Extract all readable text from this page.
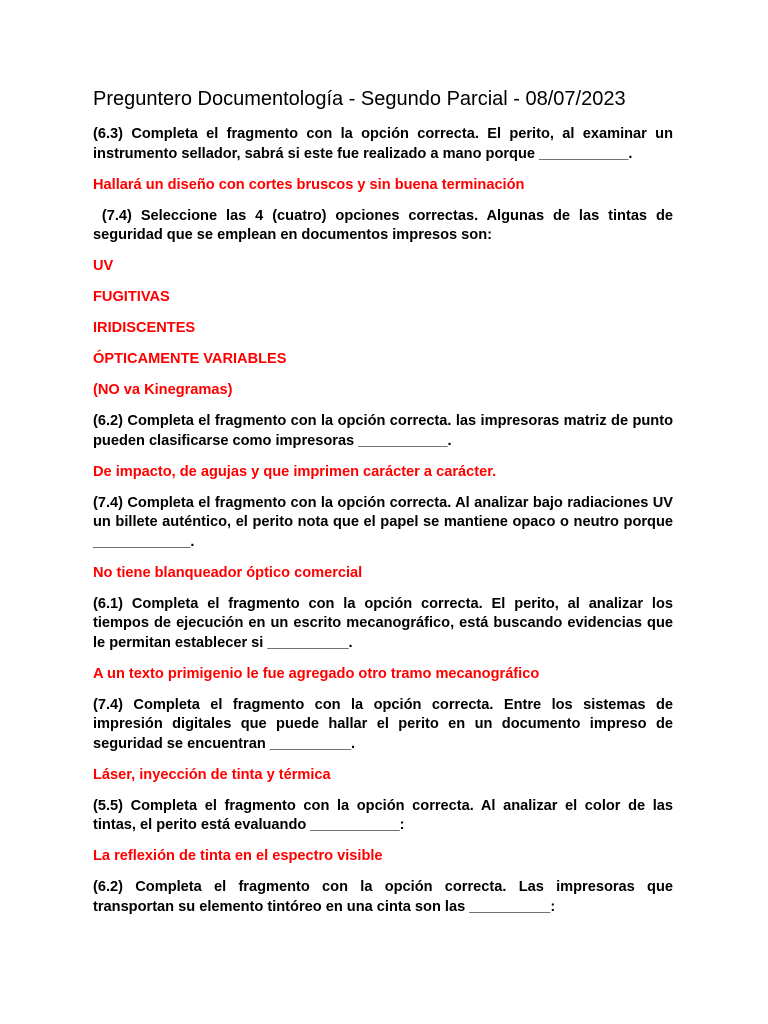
Preguntero Documentología - Segundo Parcial - 08/07/2023
(6.3) Completa el fragmento con la opción correcta. El perito, al examinar un instrumento sellador, sabrá si este fue realizado a mano porque ___________.
Hallará un diseño con cortes bruscos y sin buena terminación
(7.4) Seleccione las 4 (cuatro) opciones correctas. Algunas de las tintas de seguridad que se emplean en documentos impresos son:
UV
FUGITIVAS
IRIDISCENTES
ÓPTICAMENTE VARIABLES
(NO va Kinegramas)
(6.2) Completa el fragmento con la opción correcta. las impresoras matriz de punto pueden clasificarse como impresoras ___________.
De impacto, de agujas y que imprimen carácter a carácter.
(7.4) Completa el fragmento con la opción correcta. Al analizar bajo radiaciones UV un billete auténtico, el perito nota que el papel se mantiene opaco o neutro porque ____________.
No tiene blanqueador óptico comercial
(6.1) Completa el fragmento con la opción correcta. El perito, al analizar los tiempos de ejecución en un escrito mecanográfico, está buscando evidencias que le permitan establecer si __________.
A un texto primigenio le fue agregado otro tramo mecanográfico
(7.4) Completa el fragmento con la opción correcta. Entre los sistemas de impresión digitales que puede hallar el perito en un documento impreso de seguridad se encuentran __________.
Láser, inyección de tinta y térmica
(5.5) Completa el fragmento con la opción correcta. Al analizar el color de las tintas, el perito está evaluando ___________:
La reflexión de tinta en el espectro visible
(6.2) Completa el fragmento con la opción correcta. Las impresoras que transportan su elemento tintóreo en una cinta son las __________:
